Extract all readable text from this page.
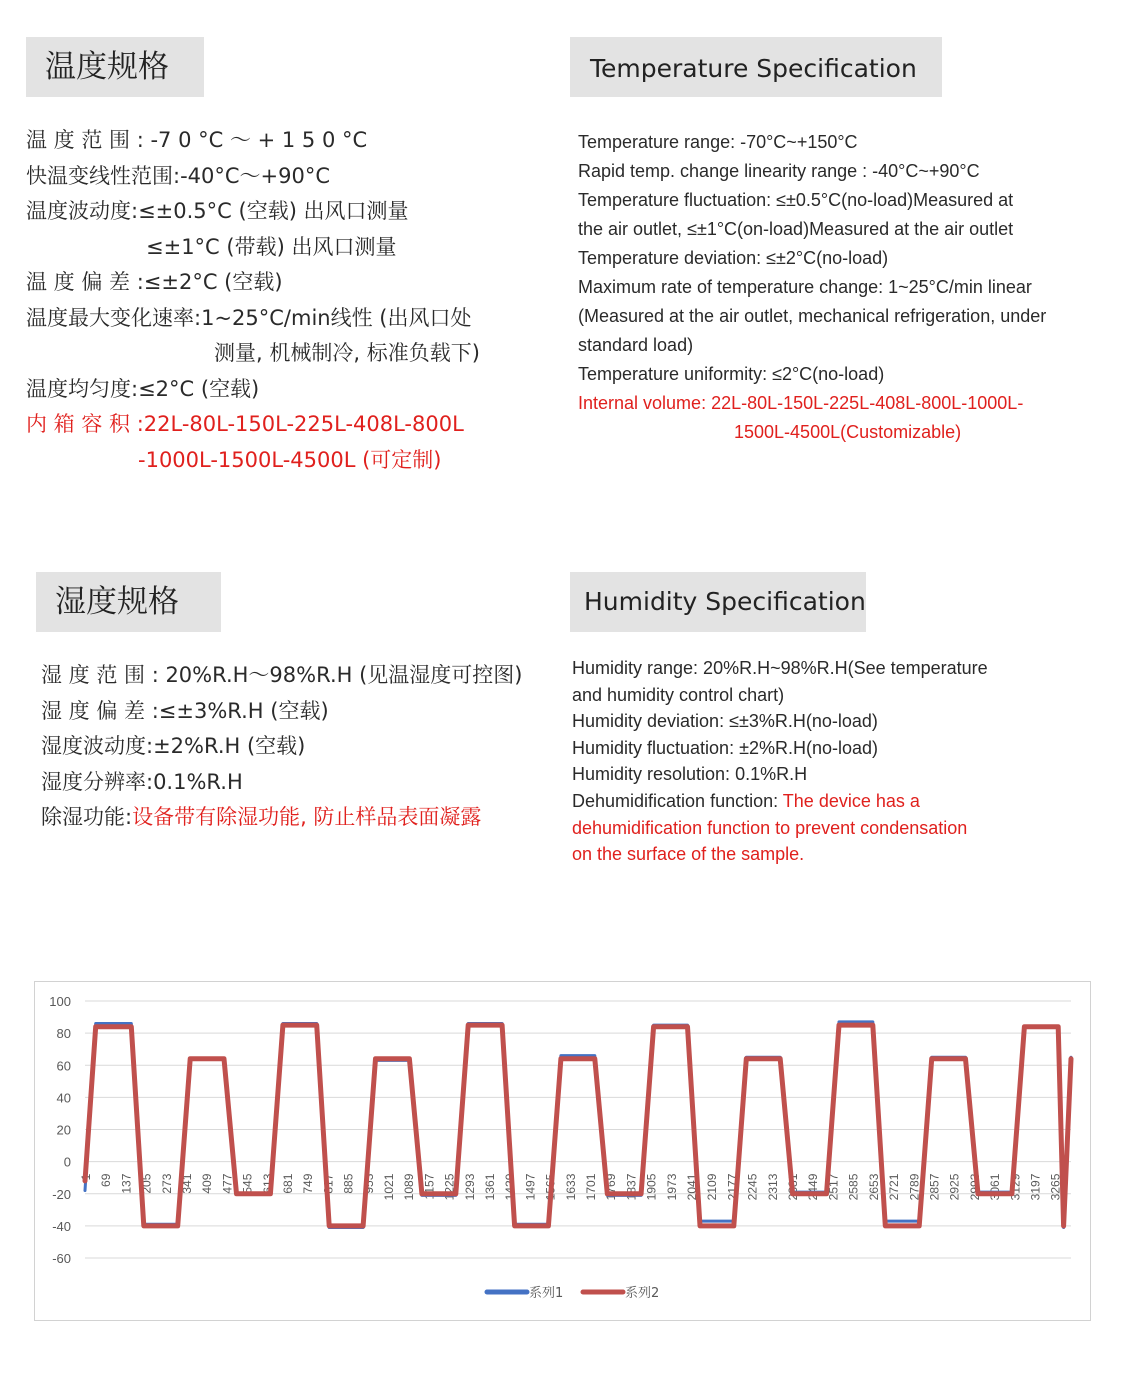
温度规格	Temperature Specification
温 度 范 围 : -7 0 °C ～ + 1 5 0 °C
快温变线性范围:-40°C～+90°C
温度波动度:≤±0.5°C (空载) 出风口测量
≤±1°C (带载) 出风口测量
温 度 偏 差 :≤±2°C (空载)
温度最大变化速率:1~25°C/min线性 (出风口处
测量, 机械制冷, 标准负载下)
温度均匀度:≤2°C (空载)
内 箱 容 积 :22L-80L-150L-225L-408L-800L
-1000L-1500L-4500L (可定制)
Temperature range: -70°C~+150°C
Rapid temp. change linearity range : -40°C~+90°C
Temperature fluctuation: ≤±0.5°C(no-load)Measured at
the air outlet, ≤±1°C(on-load)Measured at the air outlet
Temperature deviation: ≤±2°C(no-load)
Maximum rate of temperature change: 1~25°C/min linear
(Measured at the air outlet, mechanical refrigeration, under
standard load)
Temperature uniformity: ≤2°C(no-load)
Internal volume: 22L-80L-150L-225L-408L-800L-1000L-
1500L-4500L(Customizable)
湿度规格	Humidity Specification
湿 度 范 围 : 20%R.H～98%R.H (见温湿度可控图)
湿 度 偏 差 :≤±3%R.H (空载)
湿度波动度:±2%R.H (空载)
湿度分辨率:0.1%R.H
除湿功能:设备带有除湿功能, 防止样品表面凝露
Humidity range: 20%R.H~98%R.H(See temperature
and humidity control chart)
Humidity deviation: ≤±3%R.H(no-load)
Humidity fluctuation: ±2%R.H(no-load)
Humidity resolution: 0.1%R.H
Dehumidification function: The device has a
dehumidification function to prevent condensation
on the surface of the sample.
100
80
60
40
20
0
-20
-40
-60
1 69 137 205 273 341 409 477 545 613 681 749 817 885 953 1021 1089 1157 1225 1293 1361 1429 1497 1565 1633 1701 1769 1837 1905 1973 2041 2109 2177 2245 2313 2381 2449 2517 2585 2653 2721 2789 2857 2925 2993 3061 3129 3197 3265
系列1	系列2
